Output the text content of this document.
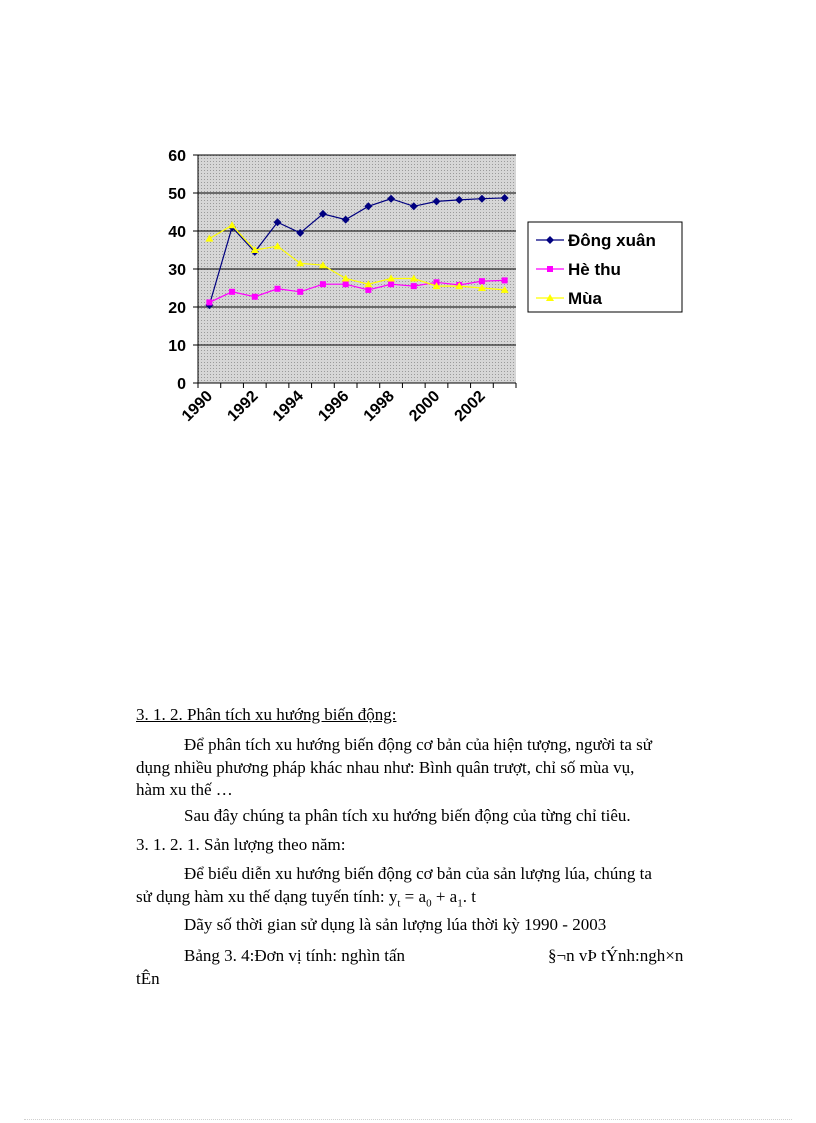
0
10
20
30
40
50
60
1990 1992 1994 1996 1998 2000 2002
Đông xuân
Hè thu
Mùa
3. 1. 2. Phân tích xu hướng biến động:
Để phân tích xu hướng biến động cơ bản của hiện tượng, người ta sử
dụng nhiều phương pháp khác nhau như: Bình quân trượt, chỉ số mùa vụ,
hàm xu thế …
Sau đây chúng ta phân tích xu hướng biến động của từng chỉ tiêu.
3. 1. 2. 1. Sản lượng theo năm:
Để biểu diễn xu hướng biến động cơ bản của sản lượng lúa, chúng ta
sử dụng hàm xu thế dạng tuyến tính: $y_t = a_0 + a_1$. t
Dãy số thời gian sử dụng là sản lượng lúa thời kỳ 1990 - 2003
Bảng 3. 4:Đơn vị tính: nghìn tấn	§¬n vÞ tÝnh:ngh×n
tÊn
